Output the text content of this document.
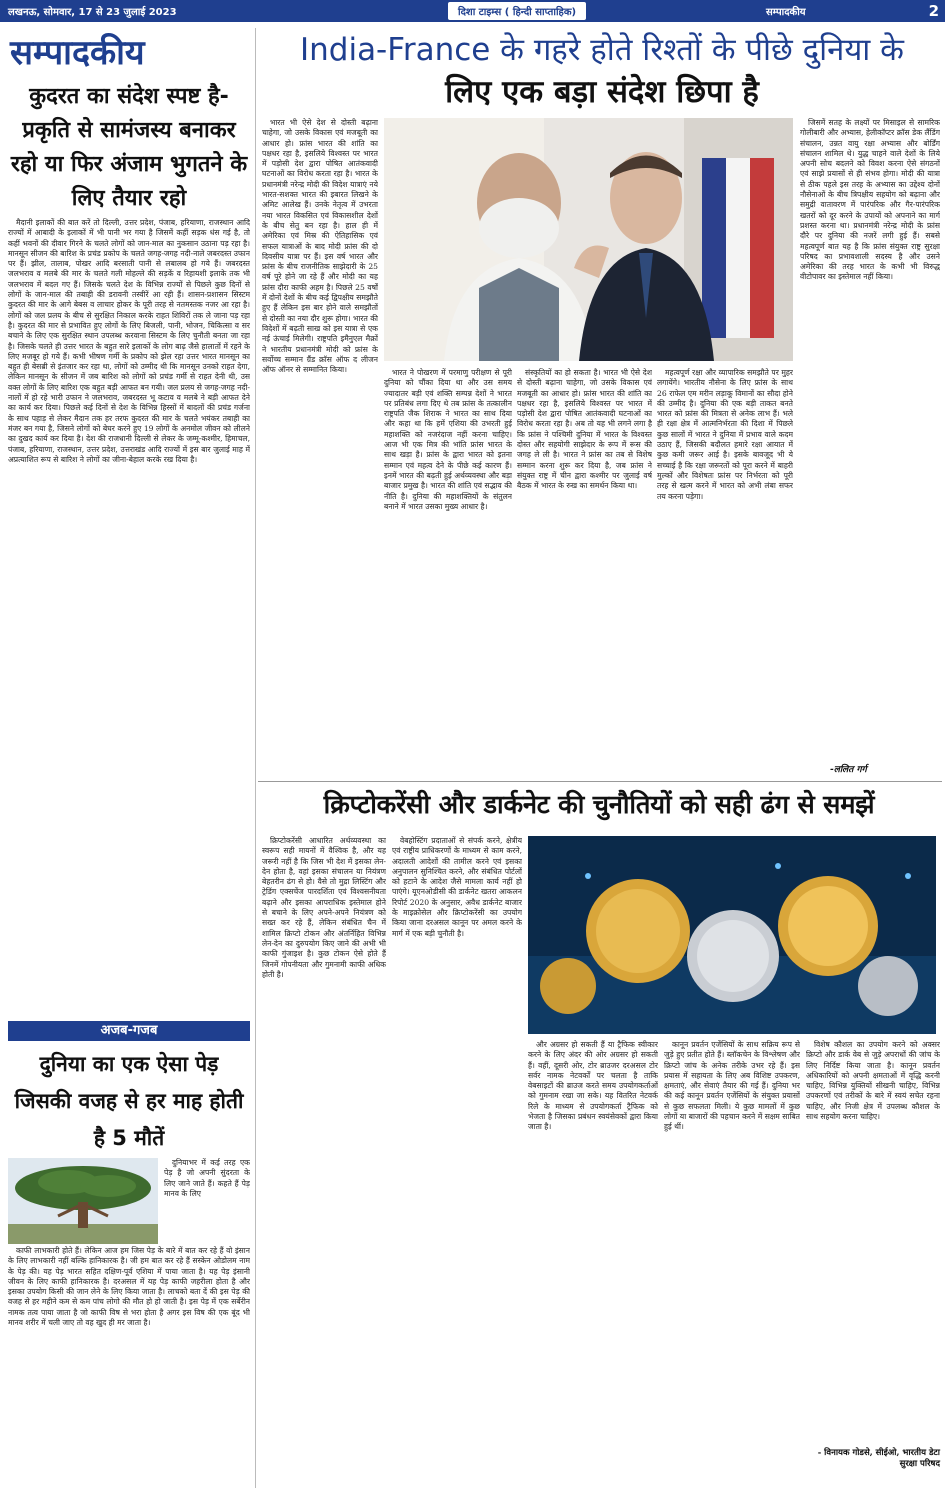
लखनऊ, सोमवार, 17 से 23 जुलाई 2023	दिशा टाइम्स ( हिन्दी साप्ताहिक)	सम्पादकीय	2
सम्पादकीय
कुदरत का संदेश स्पष्ट है- प्रकृति से सामंजस्य बनाकर रहो या फिर अंजाम भुगतने के लिए तैयार रहो

मैदानी इलाकों की बात करें तो दिल्ली, उत्तर प्रदेश, पंजाब, हरियाणा, राजस्थान आदि राज्यों में आबादी के इलाकों में भी पानी भर गया है जिसमें कहीं सड़क धंस गई है, तो कहीं भवनों की दीवार गिरने के चलते लोगों को जान-माल का नुकसान उठाना पड़ रहा है। मानसून सीजन की बारिश के प्रचंड प्रकोप के चलते जगह-जगह नदी-नाले जबरदस्त उफान पर हैं। झील, तालाब, पोखर आदि बरसाती पानी से लबालब हो गये हैं। जबरदस्त जलभराव व मलबे की मार के चलते गली मोहल्ले की सड़कें व रिहायशी इलाके तक भी जलभराव में बदल गए हैं। जिसके चलते देश के विभिन्न राज्यों से पिछले कुछ दिनों से लोगों के जान-माल की तबाही की डरावनी तस्वीरें आ रही हैं। शासन-प्रशासन सिस्टम कुदरत की मार के आगे बेबस व लाचार होकर के पूरी तरह से नतमस्तक नजर आ रहा है। लोगों को जल प्रलय के बीच से सुरक्षित निकाल करके राहत शिविरों तक ले जाना पड़ रहा है। कुदरत की मार से प्रभावित हुए लोगों के लिए बिजली, पानी, भोजन, चिकित्सा व सर बचाने के लिए एक सुरक्षित स्थान उपलब्ध करवाना सिस्टम के लिए चुनौती बनता जा रहा है। जिसके चलते ही उत्तर भारत के बहुत सारे इलाकों के लोग बाढ़ जैसे हालातों में रहने के लिए मजबूर हो गये हैं। कभी भीषण गर्मी के प्रकोप को झेल रहा उत्तर भारत मानसून का बहुत ही बेसब्री से इंतजार कर रहा था, लोगों को उम्मीद थी कि मानसून उनको राहत देगा, लेकिन मानसून के सीजन में जब बारिश को लोगों को प्रचंड गर्मी से राहत देनी थी, उस वक्त लोगों के लिए बारिश एक बहुत बड़ी आफत बन गयी। जल प्रलय से जगह-जगह नदी-नालों में हो रहे भारी उफान ने जलभराव, जबरदस्त भू कटाव व मलबे ने बड़ी आफत देने का कार्य कर दिया। पिछले कई दिनों से देश के विभिन्न हिस्सों में बादलों की प्रचंड गर्जना के साथ पहाड़ से लेकर मैदान तक हर तरफ कुदरत की मार के चलते भयंकर तबाही का मंजर बन गया है, जिसने लोगों को बेघर करने हुए 19 लोगों के अनमोल जीवन को लीलने का दुखद कार्य कर दिया है। देश की राजधानी दिल्ली से लेकर के जम्मू-कश्मीर, हिमाचल, पंजाब, हरियाणा, राजस्थान, उत्तर प्रदेश, उत्तराखंड आदि राज्यों में इस बार जुलाई माह में अप्रत्याशित रूप से बारिश ने लोगों का जीना-बेहाल करके रख दिया है।

India-France के गहरे होते रिश्तों के पीछे दुनिया के
लिए एक बड़ा संदेश छिपा है

भारत भी ऐसे देश से दोस्ती बढ़ाना चाहेगा, जो उसके विकास एवं मजबूती का आधार हो। फ्रांस भारत की शांति का पक्षधर रहा है, इसलिये विश्वस्त पर भारत में पड़ोसी देश द्वारा पोषित आतंकवादी घटनाओं का विरोध करता रहा है। भारत के प्रधानमंत्री नरेन्द्र मोदी की विदेश यात्राएं नये भारत-सशक्त भारत की इबारत लिखने के अमिट आलेख हैं। उनके नेतृत्व में उभरता नया भारत विकसित एवं विकासशील देशों के बीच सेतु बन रहा है। हाल ही में अमेरिका एवं मिस्र की ऐतिहासिक एवं सफल यात्राओं के बाद मोदी फ्रांस की दो दिवसीय यात्रा पर हैं। इस वर्ष भारत और फ्रांस के बीच राजनीतिक साझेदारी के 25 वर्ष पूरे होने जा रहे हैं और मोदी का यह फ्रांस दौरा काफी अहम है। पिछले 25 वर्षों में दोनों देशों के बीच कई द्विपक्षीय समझौते हुए हैं लेकिन इस बार होने वाले समझौतों से दोस्ती का नया दौर शुरू होगा। भारत की विदेशों में बढ़ती साख को इस यात्रा से एक नई ऊंचाई मिलेगी। राष्ट्रपति इमैनुएल मैक्रों ने भारतीय प्रधानमंत्री मोदी को फ्रांस के सर्वोच्च सम्मान ग्रैंड क्रॉस ऑफ द लीजन ऑफ ऑनर से सम्मानित किया।	भारत ने पोखरण में परमाणु परीक्षण से पूरी दुनिया को चौंका दिया था और उस समय ज्यादातर बड़ी एवं शक्ति सम्पन्न देशों ने भारत पर प्रतिबंध लगा दिए थे तब फ्रांस के तत्कालीन राष्ट्रपति जैक शिराक ने भारत का साथ दिया और कहा था कि हमें एशिया की उभरती हुई महाशक्ति को नजरंदाज नहीं करना चाहिए। आज भी एक मित्र की भांति फ्रांस भारत के साथ खड़ा है। फ्रांस के द्वारा भारत को इतना सम्मान एवं महत्व देने के पीछे कई कारण हैं। इनमें भारत की बढ़ती हुई अर्थव्यवस्था और बड़ा बाजार प्रमुख है। भारत की शांति एवं सद्भाव की नीति है। दुनिया की महाशक्तियों के संतुलन बनाने में भारत उसका मुख्य आधार है।

संस्कृतियों का हो सकता है। भारत भी ऐसे देश से दोस्ती बढ़ाना चाहेगा, जो उसके विकास एवं मजबूती का आधार हो। फ्रांस भारत की शांति का पक्षधर रहा है, इसलिये विश्वस्त पर भारत में पड़ोसी देश द्वारा पोषित आतंकवादी घटनाओं का विरोध करता रहा है। अब तो यह भी लगने लगा है कि फ्रांस ने पश्चिमी दुनिया में भारत के विश्वस्त दोस्त और सहयोगी साझेदार के रूप में रूस की जगह ले ली है। भारत ने फ्रांस का तब से विशेष सम्मान करना शुरू कर दिया है, जब फ्रांस ने संयुक्त राष्ट्र में चीन द्वारा कश्मीर पर जुलाई वर्ष बैठक में भारत के रुख का समर्थन किया था।

महत्वपूर्ण रक्षा और व्यापारिक समझौते पर मुहर लगायेंगे। भारतीय नौसेना के लिए फ्रांस के साथ 26 राफेल एम मरीन लड़ाकू विमानों का सौदा होने की उम्मीद है। दुनिया की एक बड़ी ताकत बनते भारत को फ्रांस की मित्रता से अनेक लाभ हैं। भले ही रक्षा क्षेत्र में आत्मनिर्भरता की दिशा में पिछले कुछ सालों में भारत ने दुनिया में प्रभाव वाले कदम उठाए हैं, जिसकी बदौलत हमारे रक्षा आयात में कुछ कमी जरूर आई है। इसके बावजूद भी ये सच्चाई है कि रक्षा जरूरतों को पूरा करने में बाहरी मुल्कों और विशेषतः फ्रांस पर निर्भरता को पूरी तरह से खत्म करने में भारत को अभी लंबा सफर तय करना पड़ेगा।

जिसमें सतह के लक्ष्यों पर मिसाइल से सामरिक गोलीबारी और अभ्यास, हेलीकॉप्टर क्रॉस डेक लैंडिंग संचालन, उन्नत वायु रक्षा अभ्यास और बोर्डिंग संचालन शामिल थे। युद्ध चाहने वाले देशों के लिये अपनी सोच बदलने को विवश करना ऐसे संगठनों एवं साझे प्रयासों से ही संभव होगा। मोदी की यात्रा से ठीक पहले इस तरह के अभ्यास का उद्देश्य दोनों नौसेनाओं के बीच त्रिपक्षीय सहयोग को बढ़ाना और समुद्री वातावरण में पारंपरिक और गैर-पारंपरिक खतरों को दूर करने के उपायों को अपनाने का मार्ग प्रशस्त करना था। प्रधानमंत्री नरेन्द्र मोदी के फ्रांस दौरे पर दुनिया की नजरें लगी हुई हैं। सबसे महत्वपूर्ण बात यह है कि फ्रांस संयुक्त राष्ट्र सुरक्षा परिषद का प्रभावशाली सदस्य है और उसने अमेरिका की तरह भारत के कभी भी विरुद्ध वीटोपावर का इस्तेमाल नहीं किया।

-ललित गर्ग
क्रिप्टोकरेंसी और डार्कनेट की चुनौतियों को सही ढंग से समझें

क्रिप्टोकरेंसी आधारित अर्थव्यवस्था का स्वरूप सही मायनों में वैश्विक है, और यह जरूरी नहीं है कि जिस भी देश में इसका लेन-देन होता है, वहां इसका संचालन या नियंत्रण बेहतरीन ढंग से हो। वैसे तो मुद्रा लिस्टिंग और ट्रेडिंग एक्सचेंज पारदर्शिता एवं विश्वसनीयता बढ़ाने और इसका आपराधिक इस्तेमाल होने से बचाने के लिए अपने-अपने नियंत्रण को सख्त कर रहे हैं, लेकिन संबंधित चैन में शामिल क्रिप्टो टोकन और अंतर्निहित विभिन्न लेन-देन का दुरुपयोग किए जाने की अभी भी काफी गुंजाइश है। कुछ टोकन ऐसे होते हैं जिनमें गोपनीयता और गुमनामी काफी अधिक होती है।

वेबहोस्टिंग प्रदाताओं से संपर्क करने, क्षेत्रीय एवं राष्ट्रीय प्राधिकरणों के माध्यम से काम करने, अदालती आदेशों की तामील करने एवं इसका अनुपालन सुनिश्चित करने, और संबंधित पोर्टलों को हटाने के आदेश जैसे मामला कार्य नहीं हो पाएंगे। यूएनओडीसी की डार्कनेट खतरा आकलन रिपोर्ट 2020 के अनुसार, अवैध डार्कनेट बाजार के माइक्रोसेल और क्रिप्टोकरेंसी का उपयोग किया जाना दरअसल कानून पर अमल करने के मार्ग में एक बड़ी चुनौती है।

और अग्रसर हो सकती हैं या ट्रैफिक स्वीकार करने के लिए अंदर की ओर अग्रसर हो सकती हैं। वहीं, दूसरी ओर, टोर ब्राउजर दरअसल टोर सर्वर नामक नेटवर्कों पर चलता है ताकि वेबसाइटों की ब्राउज करते समय उपयोगकर्ताओं को गुमनाम रखा जा सके। यह वितरित नेटवर्क रिले के माध्यम से उपयोगकर्ता ट्रैफिक को भेजता है जिसका प्रबंधन स्वयंसेवकों द्वारा किया जाता है।

कानून प्रवर्तन एजेंसियों के साथ सक्रिय रूप से जुड़े हुए प्रतीत होते हैं। ब्लॉकचेन के विश्लेषण और क्रिप्टो जांच के अनेक तरीके उभर रहे हैं। इस प्रयास में सहायता के लिए अब विशिष्ट उपकरण, क्षमताएं, और सेवाएं तैयार की गई हैं। दुनिया भर की कई कानून प्रवर्तन एजेंसियों के संयुक्त प्रयासों से कुछ सफलता मिली। ये कुछ मामलों में कुछ लोगों या बाजारों की पहचान करने में सक्षम साबित हुई थीं।

विशेष कौशल का उपयोग करने को अक्सर क्रिप्टो और डार्क वेब से जुड़े अपराधों की जांच के लिए निर्दिष्ट किया जाता है। कानून प्रवर्तन अधिकारियों को अपनी क्षमताओं में वृद्धि करनी चाहिए, विभिन्न युक्तियों सीखनी चाहिए, विभिन्न उपकरणों एवं तरीकों के बारे में स्वयं सचेत रहना चाहिए, और निजी क्षेत्र में उपलब्ध कौशल के साथ सहयोग करना चाहिए।

- विनायक गोडसे, सीईओ, भारतीय डेटा सुरक्षा परिषद
अजब-गजब
दुनिया का एक ऐसा पेड़ जिसकी वजह से हर माह होती है 5 मौतें

दुनियाभर में कई तरह एक पेड़ है जो अपनी सुंदरता के लिए जाने जाते हैं। कहते हैं पेड़ मानव के लिए

काफी लाभकारी होते हैं। लेकिन आज हम जिस पेड़ के बारे में बात कर रहे हैं वो इंसान के लिए लाभकारी नहीं बल्कि हानिकारक है। जी हम बात कर रहे हैं सस्केन ओडोलम नाम के पेड़ की। यह पेड़ भारत सहित दक्षिण-पूर्व एशिया में पाया जाता है। यह पेड़ इंसानी जीवन के लिए काफी हानिकारक है। दरअसल में यह पेड़ काफी जहरीला होता है और इसका उपयोग किसी की जान लेने के लिए किया जाता है। लाचको बता दें की इस पेड़ की वजह से हर महीने कम से कम पांच लोगो की मौत हो हो जाती है। इस पेड़ में एक सर्बेरीन नामक तत्व पाया जाता है जो काफी विष से भरा होता है अगर इस विष की एक बूंद भी मानव शरीर में चली जाए तो वह खुद ही मर जाता है।
